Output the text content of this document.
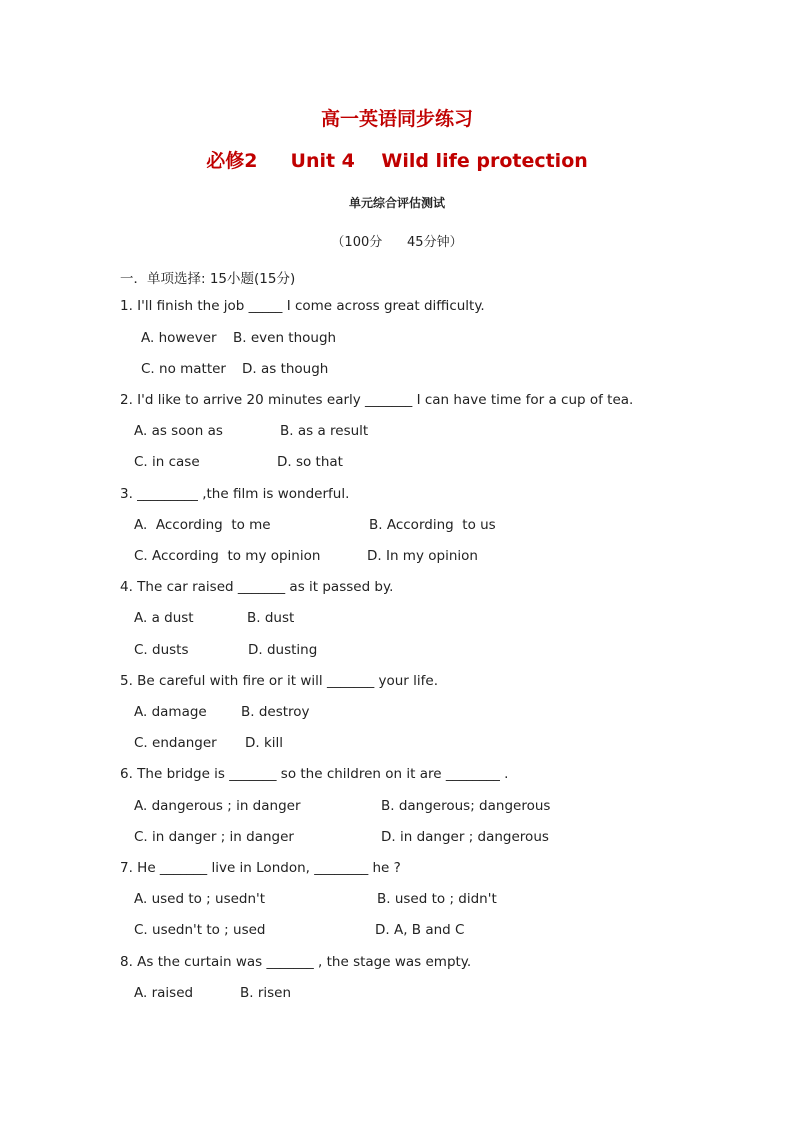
高一英语同步练习
必修2     Unit 4    Wild life protection
单元综合评估测试
（100分      45分钟）
一．单项选择: 15小题(15分)
1. I'll finish the job _____ I come across great difficulty.
A. however B. even though
C. no matter D. as though
2. I'd like to arrive 20 minutes early _______ I can have time for a cup of tea.
A. as soon as	B. as a result
C. in case	D. so that
3. _________ ,the film is wonderful.
A.  According  to me	B. According  to us
C. According  to my opinion	D. In my opinion
4. The car raised _______ as it passed by.
A. a dust	B. dust
C. dusts	D. dusting
5. Be careful with fire or it will _______ your life.
A. damage	B. destroy
C. endanger D. kill
6. The bridge is _______ so the children on it are ________ .
A. dangerous ; in danger	B. dangerous; dangerous
C. in danger ; in danger	D. in danger ; dangerous
7. He _______ live in London, ________ he ?
A. used to ; usedn't	B. used to ; didn't
C. usedn't to ; used	D. A, B and C
8. As the curtain was _______ , the stage was empty.
A. raised	B. risen
